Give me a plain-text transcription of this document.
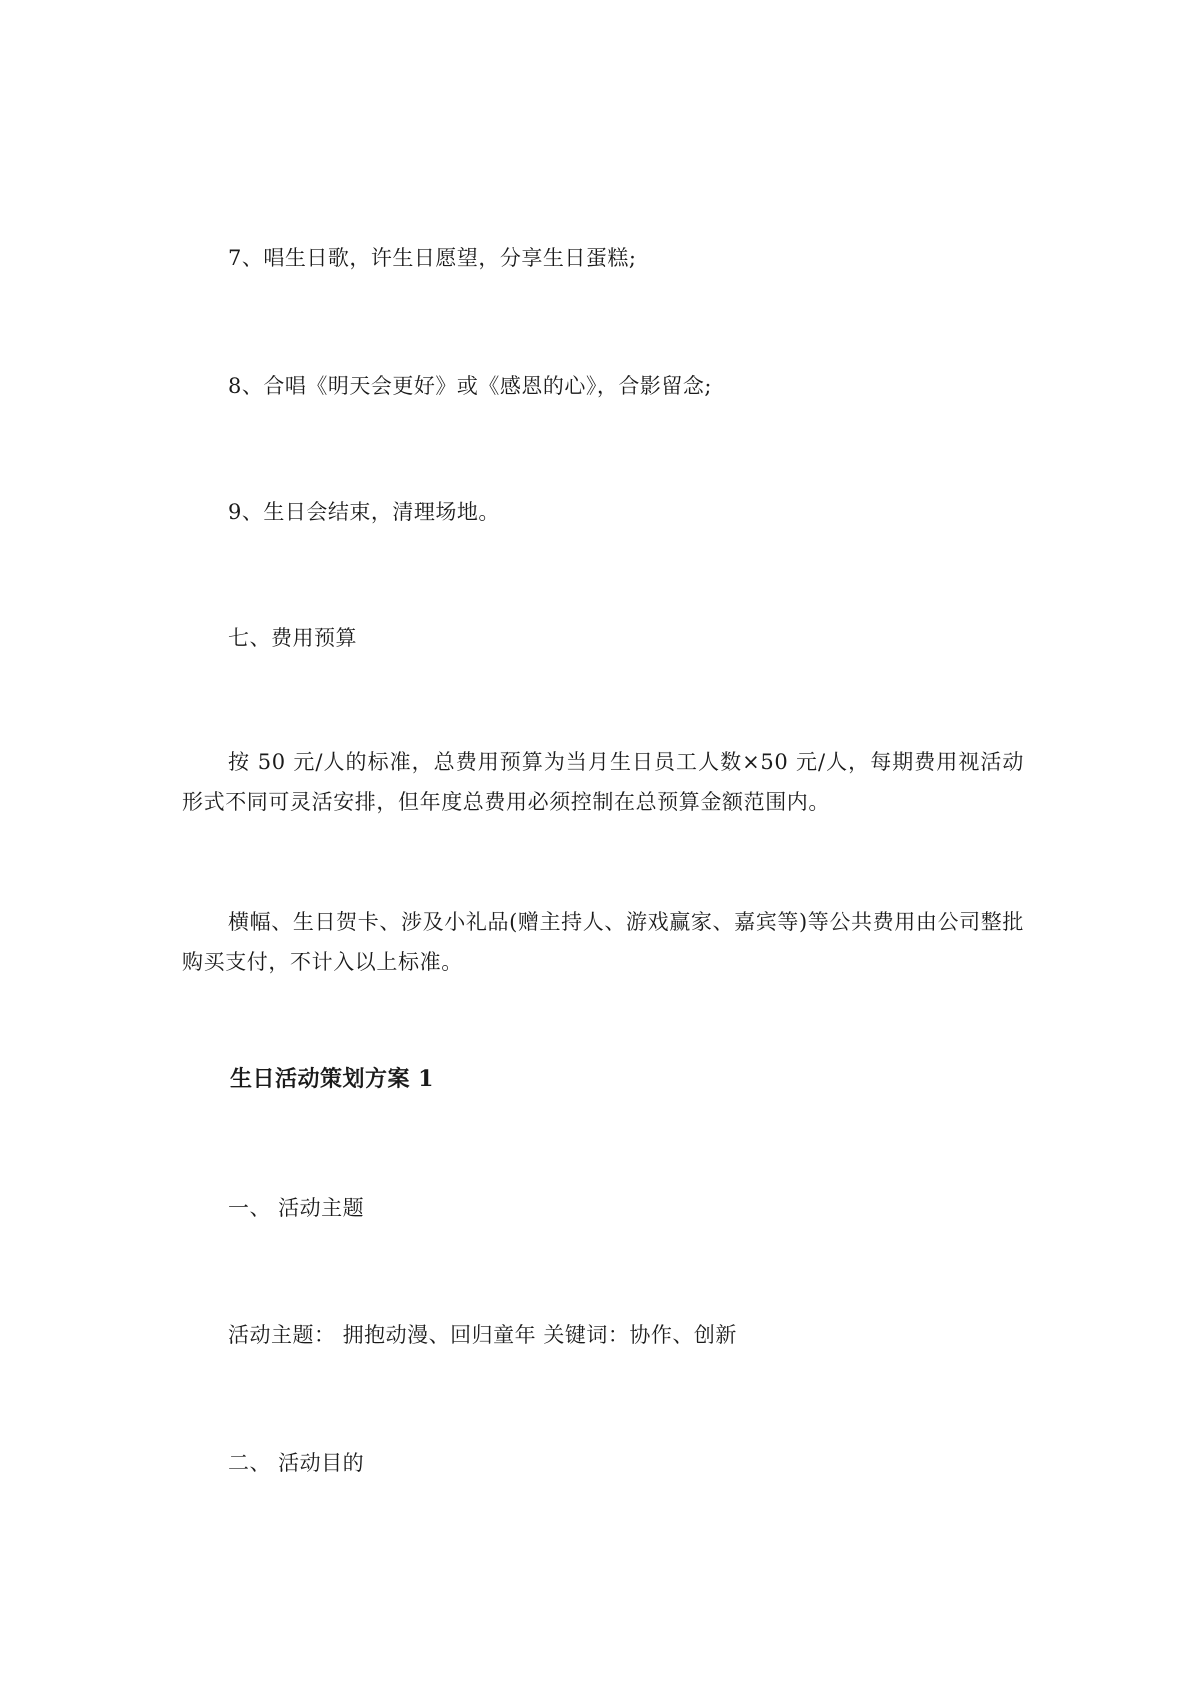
7、唱生日歌，许生日愿望，分享生日蛋糕;
8、合唱《明天会更好》或《感恩的心》，合影留念;
9、生日会结束，清理场地。
七、费用预算
按 50 元/人的标准，总费用预算为当月生日员工人数×50 元/人，每期费用视活动形式不同可灵活安排，但年度总费用必须控制在总预算金额范围内。
横幅、生日贺卡、涉及小礼品(赠主持人、游戏赢家、嘉宾等)等公共费用由公司整批购买支付，不计入以上标准。
生日活动策划方案 1
一、 活动主题
活动主题： 拥抱动漫、回归童年 关键词：协作、创新
二、 活动目的
